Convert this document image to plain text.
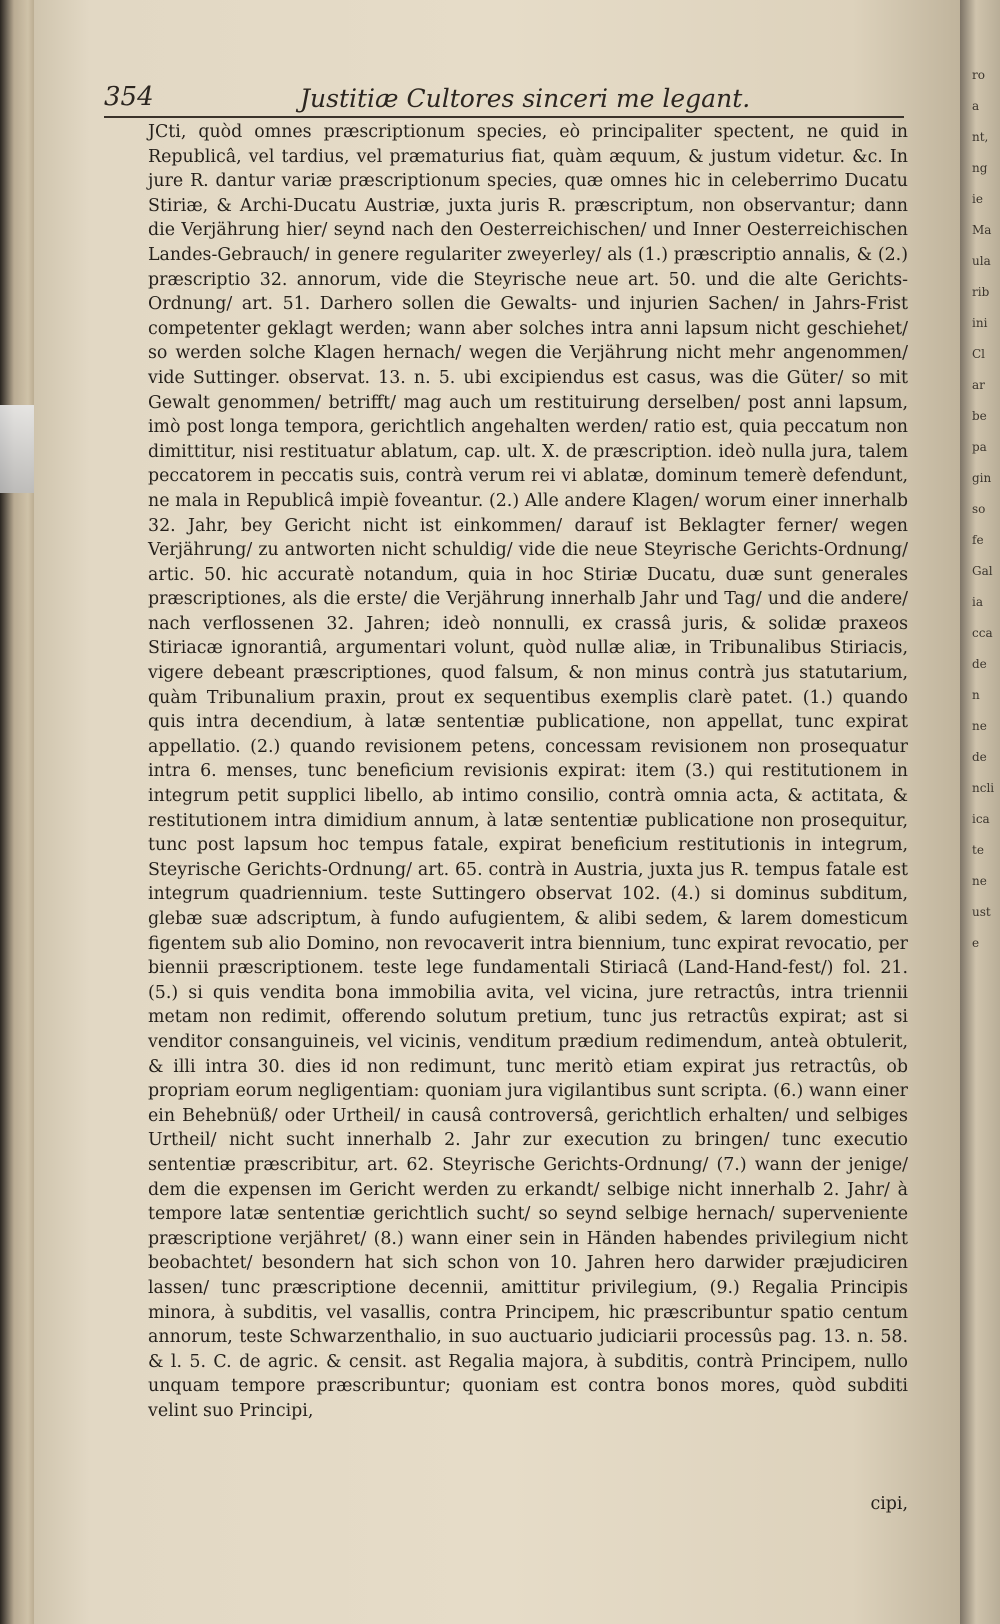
ro
a
nt,
ng
ie
Ma
ula
rib
ini
Cl
ar
be
pa
gin
so
fe
Gal
ia
cca
de
n
ne
de
ncli
ica
te
ne
ust
e
354	Justitiæ Cultores sinceri me legant.

JCti, quòd omnes præscriptionum species, eò principaliter spectent, ne quid in Republicâ, vel tardius, vel præmaturius fiat, quàm æquum, & justum videtur. &c. In jure R. dantur variæ præscriptionum species, quæ omnes hic in celeberrimo Ducatu Stiriæ, & Archi-Ducatu Austriæ, juxta juris R. præscriptum, non observantur; dann die Verjährung hier/ seynd nach den Oesterreichischen/ und Inner Oesterreichischen Landes-Gebrauch/ in genere regulariter zweyerley/ als (1.) præscriptio annalis, & (2.) præscriptio 32. annorum, vide die Steyrische neue art. 50. und die alte Gerichts-Ordnung/ art. 51. Darhero sollen die Gewalts- und injurien Sachen/ in Jahrs-Frist competenter geklagt werden; wann aber solches intra anni lapsum nicht geschiehet/ so werden solche Klagen hernach/ wegen die Verjährung nicht mehr angenommen/ vide Suttinger. observat. 13. n. 5. ubi excipiendus est casus, was die Güter/ so mit Gewalt genommen/ betrifft/ mag auch um restituirung derselben/ post anni lapsum, imò post longa tempora, gerichtlich angehalten werden/ ratio est, quia peccatum non dimittitur, nisi restituatur ablatum, cap. ult. X. de præscription. ideò nulla jura, talem peccatorem in peccatis suis, contrà verum rei vi ablatæ, dominum temerè defendunt, ne mala in Republicâ impiè foveantur. (2.) Alle andere Klagen/ worum einer innerhalb 32. Jahr, bey Gericht nicht ist einkommen/ darauf ist Beklagter ferner/ wegen Verjährung/ zu antworten nicht schuldig/ vide die neue Steyrische Gerichts-Ordnung/ artic. 50. hic accuratè notandum, quia in hoc Stiriæ Ducatu, duæ sunt generales præscriptiones, als die erste/ die Verjährung innerhalb Jahr und Tag/ und die andere/ nach verflossenen 32. Jahren; ideò nonnulli, ex crassâ juris, & solidæ praxeos Stiriacæ ignorantiâ, argumentari volunt, quòd nullæ aliæ, in Tribunalibus Stiriacis, vigere debeant præscriptiones, quod falsum, & non minus contrà jus statutarium, quàm Tribunalium praxin, prout ex sequentibus exemplis clarè patet. (1.) quando quis intra decendium, à latæ sententiæ publicatione, non appellat, tunc expirat appellatio. (2.) quando revisionem petens, concessam revisionem non prosequatur intra 6. menses, tunc beneficium revisionis expirat: item (3.) qui restitutionem in integrum petit supplici libello, ab intimo consilio, contrà omnia acta, & actitata, & restitutionem intra dimidium annum, à latæ sententiæ publicatione non prosequitur, tunc post lapsum hoc tempus fatale, expirat beneficium restitutionis in integrum, Steyrische Gerichts-Ordnung/ art. 65. contrà in Austria, juxta jus R. tempus fatale est integrum quadriennium. teste Suttingero observat 102. (4.) si dominus subditum, glebæ suæ adscriptum, à fundo aufugientem, & alibi sedem, & larem domesticum figentem sub alio Domino, non revocaverit intra biennium, tunc expirat revocatio, per biennii præscriptionem. teste lege fundamentali Stiriacâ (Land-Hand-fest/) fol. 21. (5.) si quis vendita bona immobilia avita, vel vicina, jure retractûs, intra triennii metam non redimit, offerendo solutum pretium, tunc jus retractûs expirat; ast si venditor consanguineis, vel vicinis, venditum prædium redimendum, anteà obtulerit, & illi intra 30. dies id non redimunt, tunc meritò etiam expirat jus retractûs, ob propriam eorum negligentiam: quoniam jura vigilantibus sunt scripta. (6.) wann einer ein Behebnüß/ oder Urtheil/ in causâ controversâ, gerichtlich erhalten/ und selbiges Urtheil/ nicht sucht innerhalb 2. Jahr zur execution zu bringen/ tunc executio sententiæ præscribitur, art. 62. Steyrische Gerichts-Ordnung/ (7.) wann der jenige/ dem die expensen im Gericht werden zu erkandt/ selbige nicht innerhalb 2. Jahr/ à tempore latæ sententiæ gerichtlich sucht/ so seynd selbige hernach/ superveniente præscriptione verjähret/ (8.) wann einer sein in Händen habendes privilegium nicht beobachtet/ besondern hat sich schon von 10. Jahren hero darwider præjudiciren lassen/ tunc præscriptione decennii, amittitur privilegium, (9.) Regalia Principis minora, à subditis, vel vasallis, contra Principem, hic præscribuntur spatio centum annorum, teste Schwarzenthalio, in suo auctuario judiciarii processûs pag. 13. n. 58. & l. 5. C. de agric. & censit. ast Regalia majora, à subditis, contrà Principem, nullo unquam tempore præscribuntur; quoniam est contra bonos mores, quòd subditi velint suo Principi,

cipi,
